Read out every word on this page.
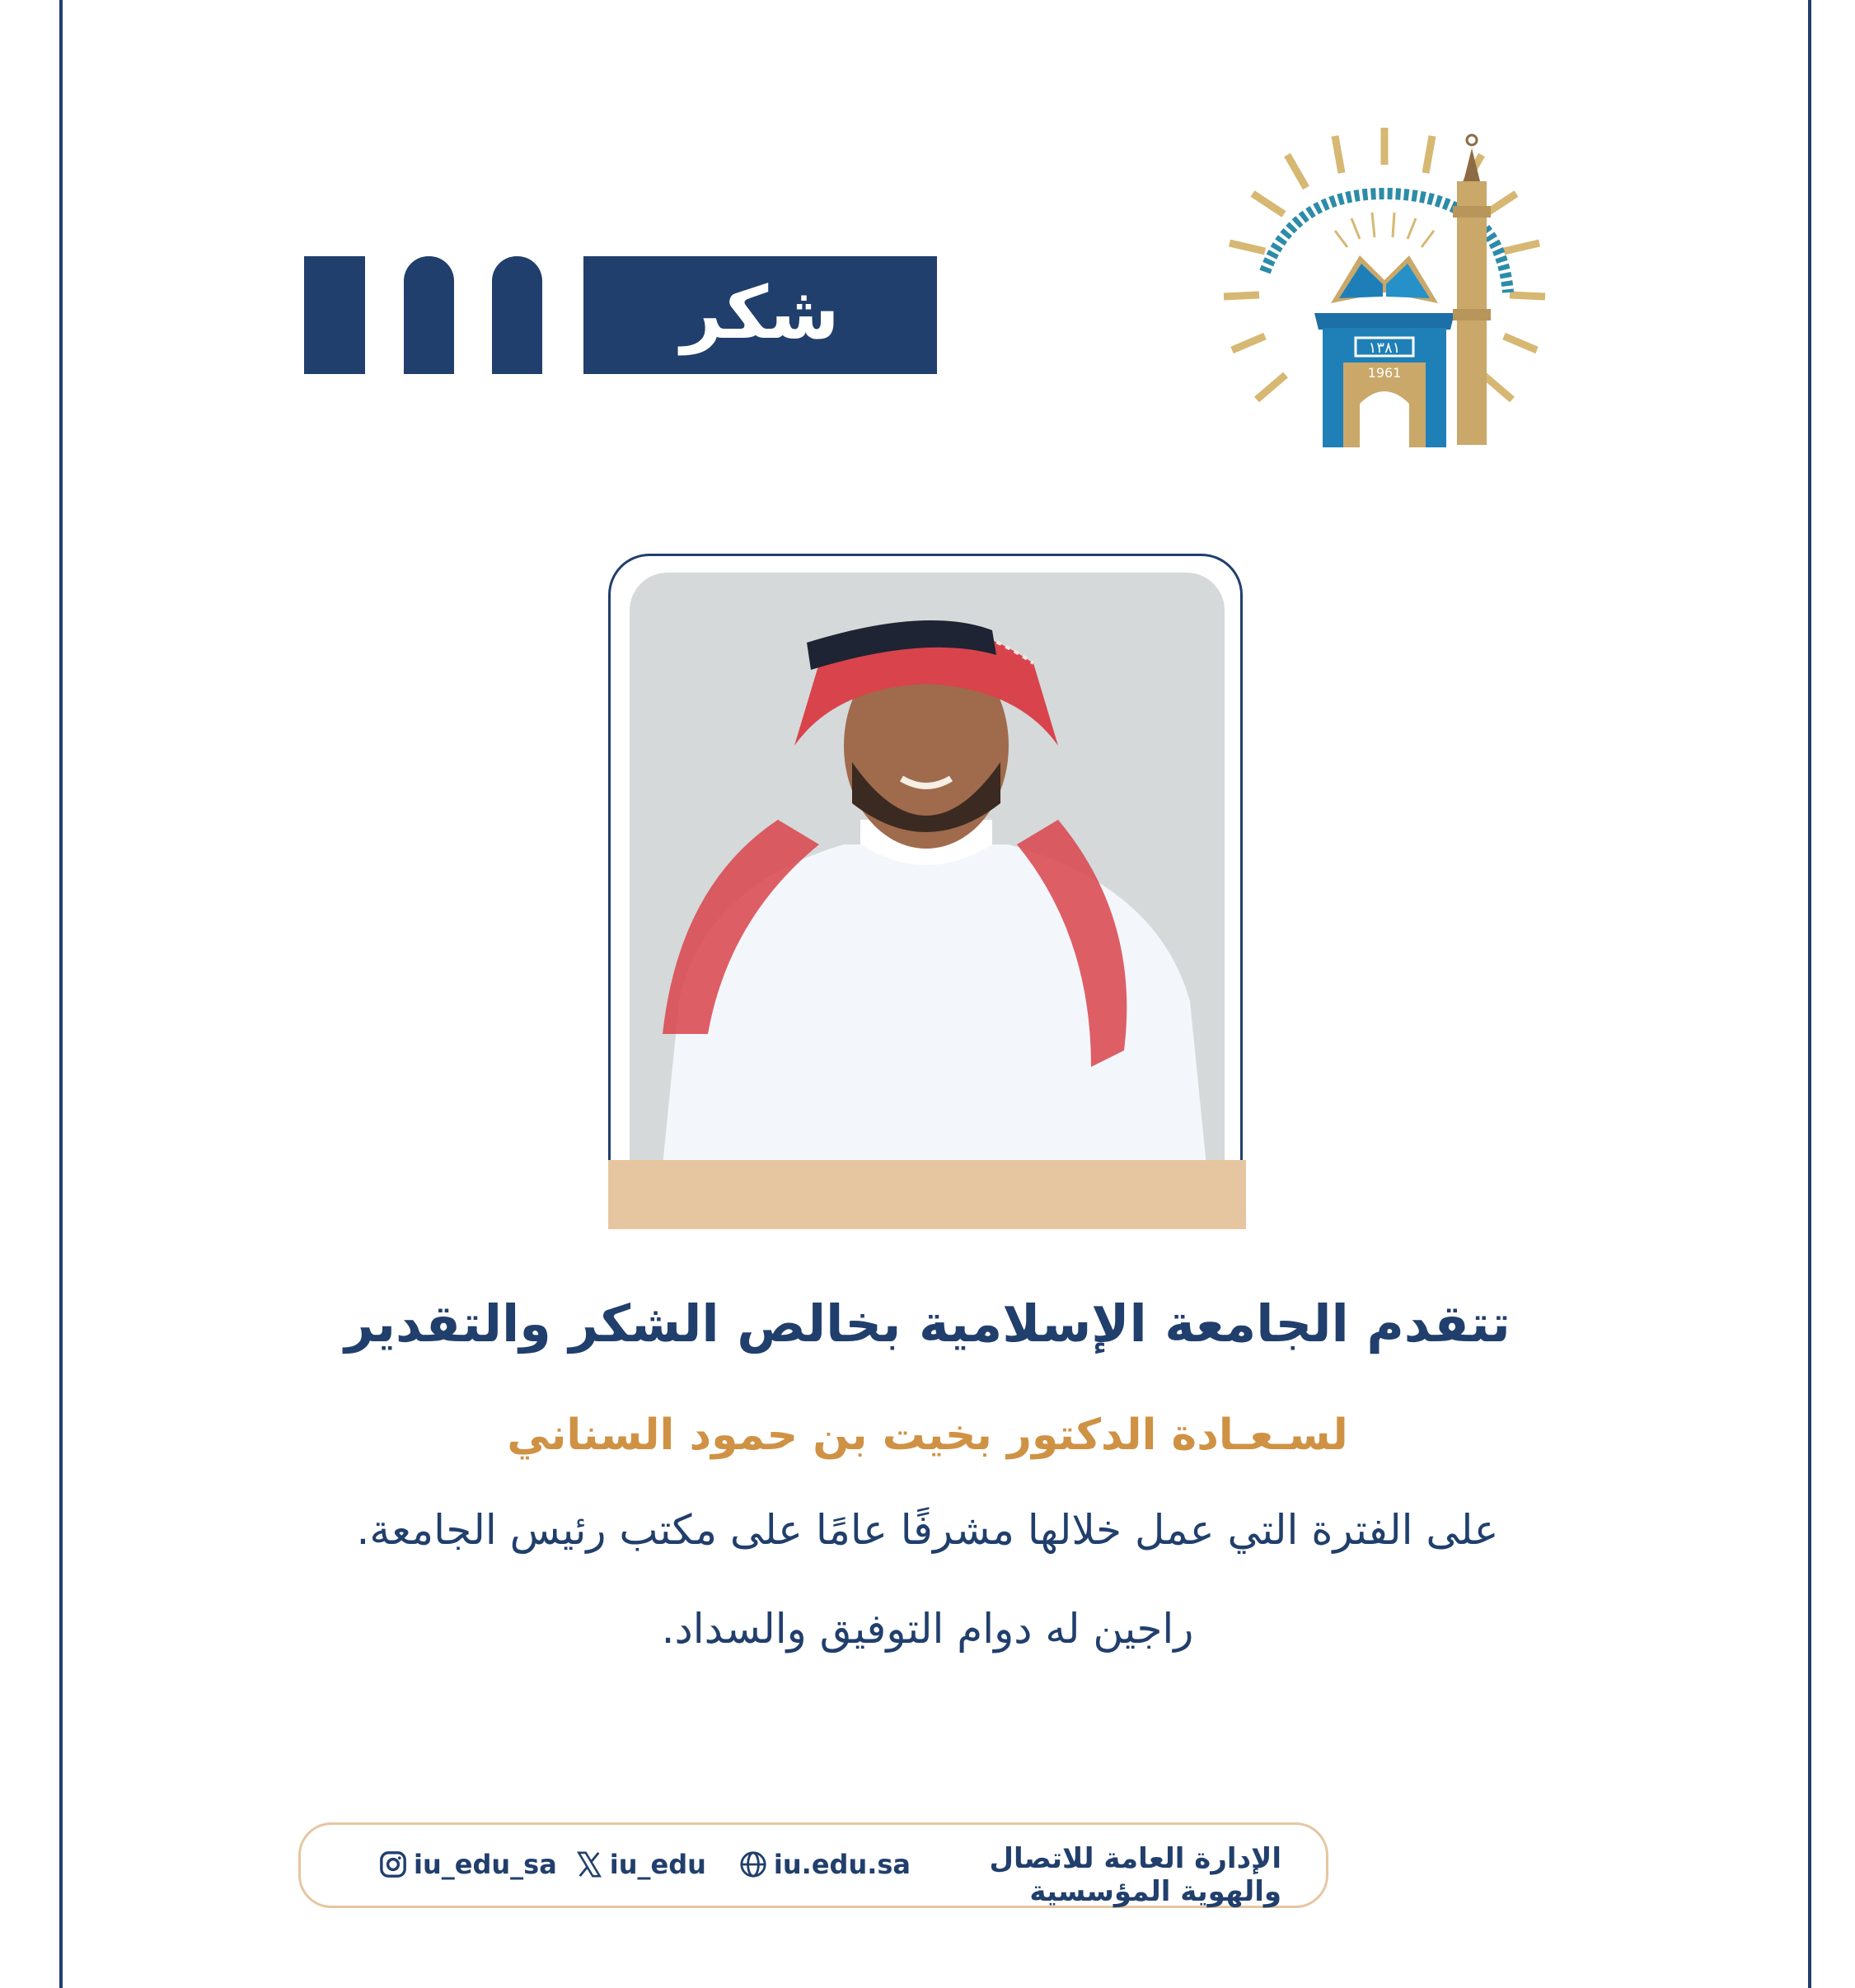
شكر	١٣٨١
1961
تتقدم الجامعة الإسلامية بخالص الشكر والتقدير
لسـعـادة الدكتور بخيت بن حمود السناني
على الفترة التي عمل خلالها مشرفًا عامًا على مكتب رئيس الجامعة.
راجين له دوام التوفيق والسداد.
الإدارة العامة للاتصال والهوية المؤسسية
iu_edu_sa iu_edu	iu.edu.sa
